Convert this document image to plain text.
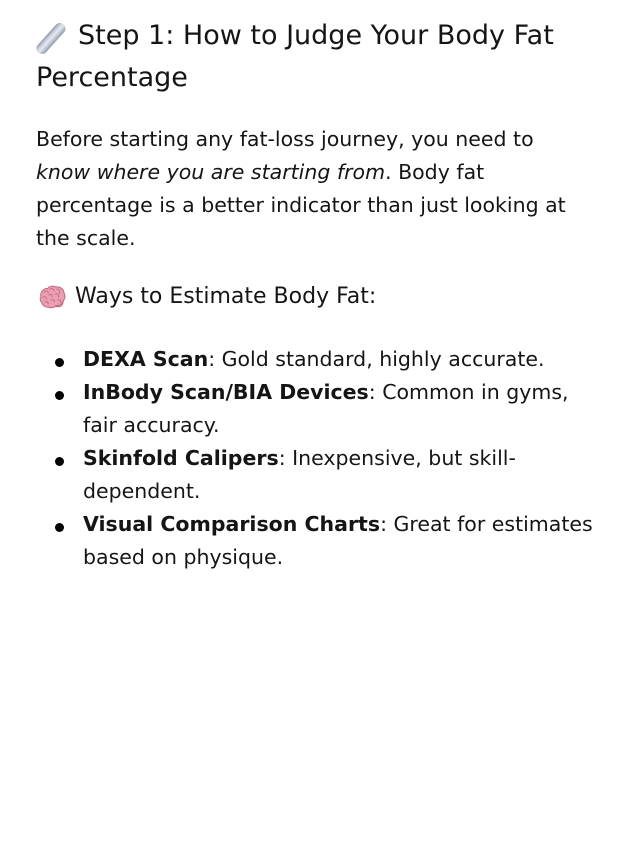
Step 1: How to Judge Your Body Fat Percentage

Before starting any fat-loss journey, you need to know where you are starting from. Body fat percentage is a better indicator than just looking at the scale.

Ways to Estimate Body Fat:
DEXA Scan: Gold standard, highly accurate.
InBody Scan/BIA Devices: Common in gyms, fair accuracy.
Skinfold Calipers: Inexpensive, but skill-dependent.
Visual Comparison Charts: Great for estimates based on physique.
